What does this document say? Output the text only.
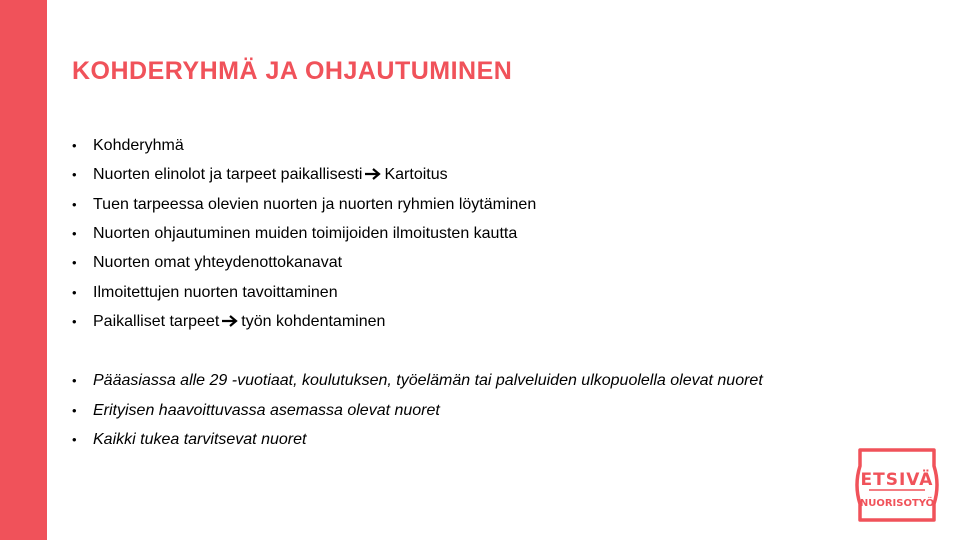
KOHDERYHMÄ JA OHJAUTUMINEN
• Kohderyhmä
• Nuorten elinolot ja tarpeet paikallisesti Kartoitus
• Tuen tarpeessa olevien nuorten ja nuorten ryhmien löytäminen
• Nuorten ohjautuminen muiden toimijoiden ilmoitusten kautta
• Nuorten omat yhteydenottokanavat
• Ilmoitettujen nuorten tavoittaminen
• Paikalliset tarpeet työn kohdentaminen
• Pääasiassa alle 29 -vuotiaat, koulutuksen, työelämän tai palveluiden ulkopuolella olevat nuoret
• Erityisen haavoittuvassa asemassa olevat nuoret
• Kaikki tukea tarvitsevat nuoret
ETSIVÄ
NUORISOTYÖ
